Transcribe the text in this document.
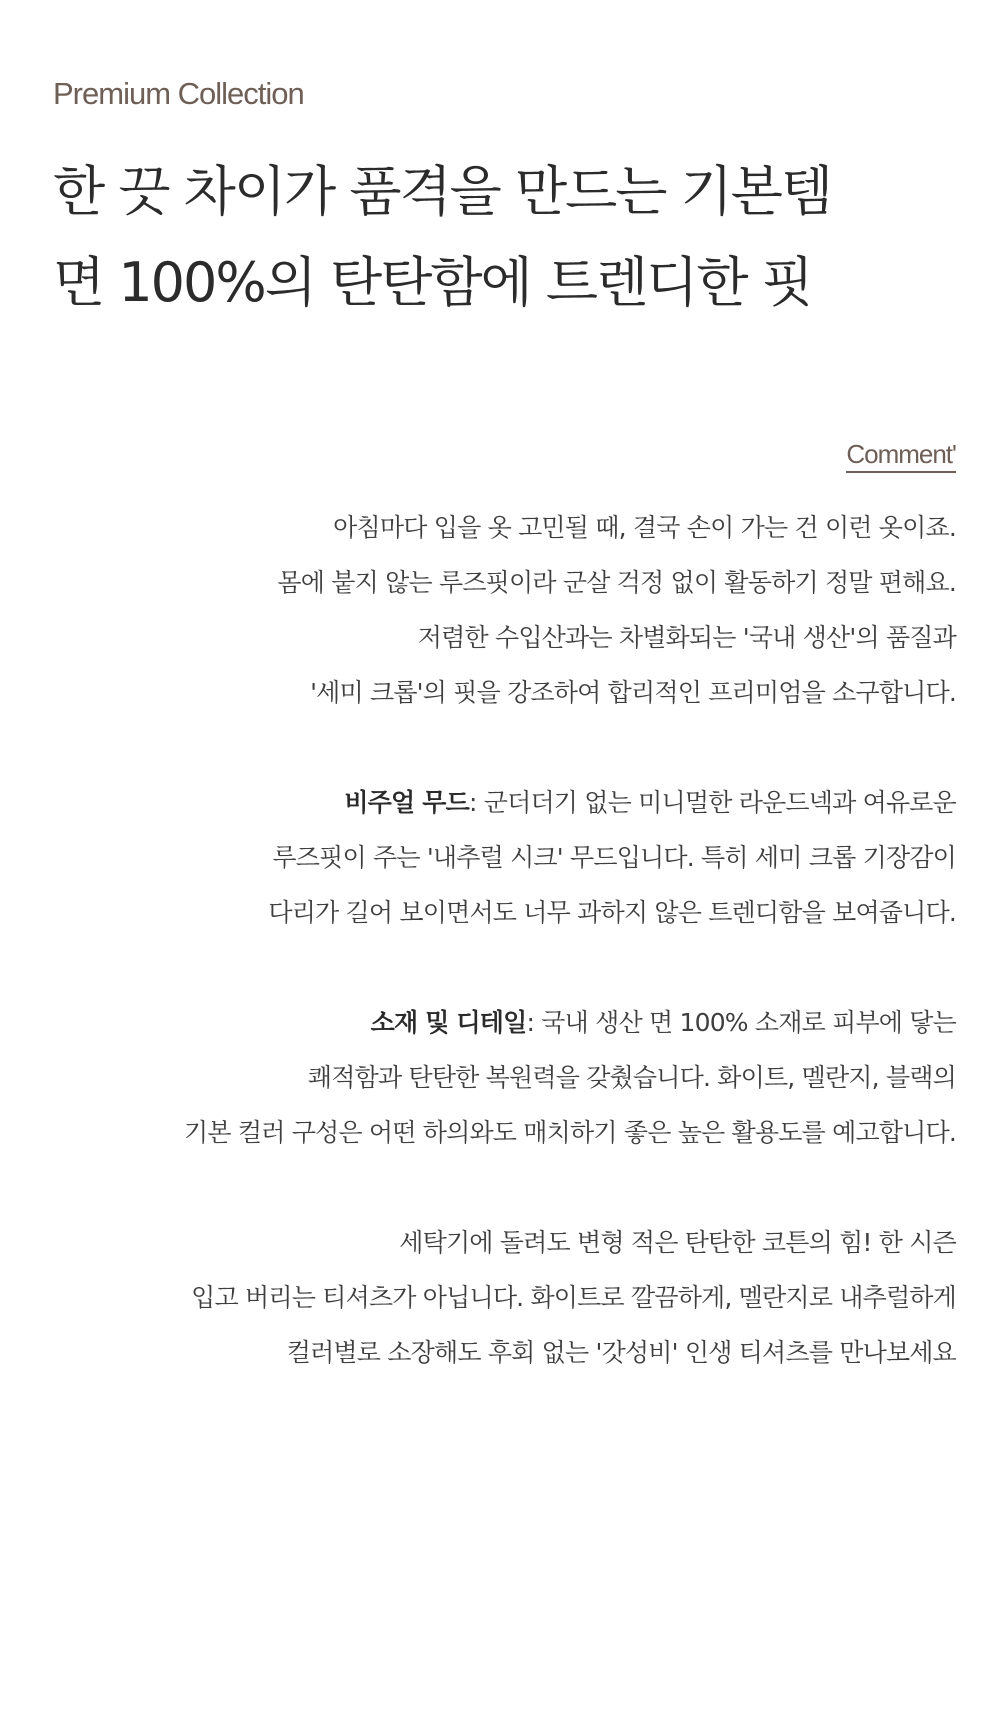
Premium Collection
한 끗 차이가 품격을 만드는 기본템
면 100%의 탄탄함에 트렌디한 핏
Comment'

아침마다 입을 옷 고민될 때, 결국 손이 가는 건 이런 옷이죠.
몸에 붙지 않는 루즈핏이라 군살 걱정 없이 활동하기 정말 편해요.
저렴한 수입산과는 차별화되는 '국내 생산'의 품질과
'세미 크롭'의 핏을 강조하여 합리적인 프리미엄을 소구합니다.

비주얼 무드: 군더더기 없는 미니멀한 라운드넥과 여유로운
루즈핏이 주는 '내추럴 시크' 무드입니다. 특히 세미 크롭 기장감이
다리가 길어 보이면서도 너무 과하지 않은 트렌디함을 보여줍니다.

소재 및 디테일: 국내 생산 면 100% 소재로 피부에 닿는
쾌적함과 탄탄한 복원력을 갖췄습니다. 화이트, 멜란지, 블랙의
기본 컬러 구성은 어떤 하의와도 매치하기 좋은 높은 활용도를 예고합니다.

세탁기에 돌려도 변형 적은 탄탄한 코튼의 힘! 한 시즌
입고 버리는 티셔츠가 아닙니다. 화이트로 깔끔하게, 멜란지로 내추럴하게
컬러별로 소장해도 후회 없는 '갓성비' 인생 티셔츠를 만나보세요
